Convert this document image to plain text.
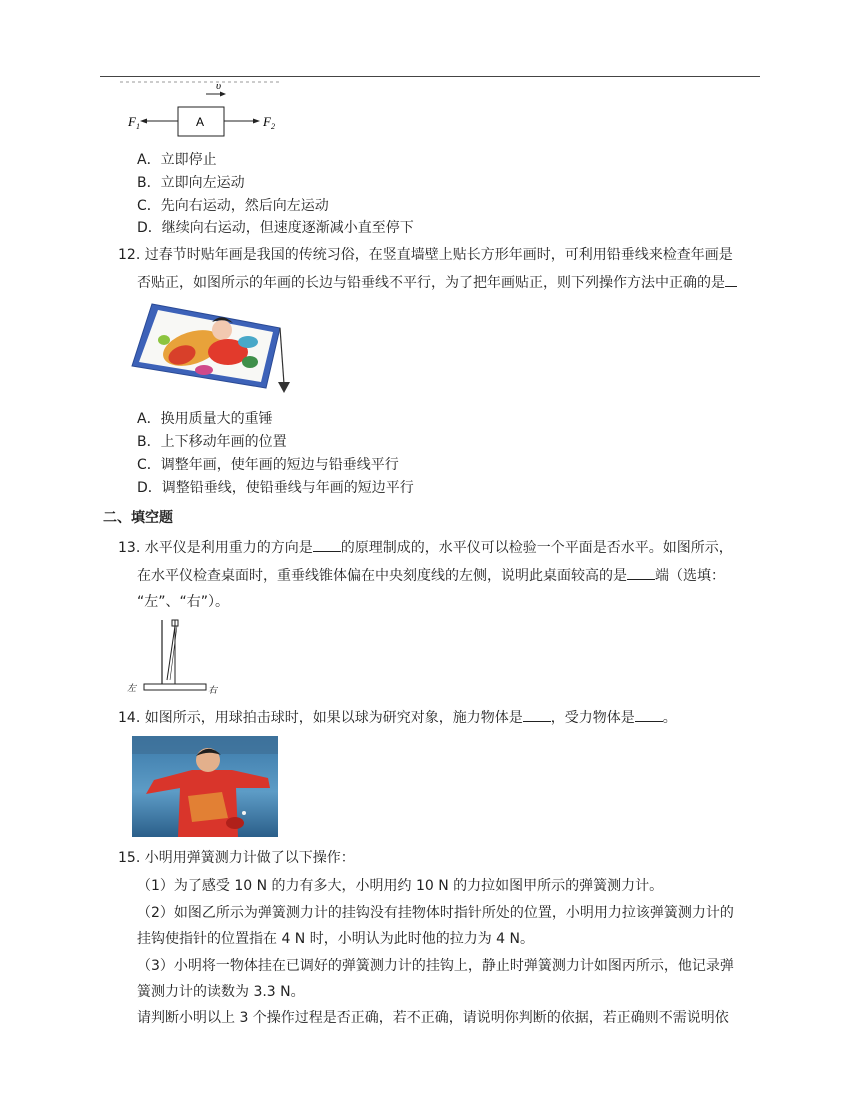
υ
A
$F_1$	$F_2$
A．立即停止
B．立即向左运动
C．先向右运动，然后向左运动
D．继续向右运动，但速度逐渐减小直至停下
12. 过春节时贴年画是我国的传统习俗，在竖直墙壁上贴长方形年画时，可利用铅垂线来检查年画是
否贴正，如图所示的年画的长边与铅垂线不平行，为了把年画贴正，则下列操作方法中正确的是
A．换用质量大的重锤
B．上下移动年画的位置
C．调整年画，使年画的短边与铅垂线平行
D．调整铅垂线，使铅垂线与年画的短边平行
二、填空题
13. 水平仪是利用重力的方向是 的原理制成的，水平仪可以检验一个平面是否水平。如图所示，
在水平仪检查桌面时，重垂线锥体偏在中央刻度线的左侧，说明此桌面较高的是 端（选填：
“左”、“右”）。
左	右
14. 如图所示，用球拍击球时，如果以球为研究对象，施力物体是 ，受力物体是 。
15. 小明用弹簧测力计做了以下操作：
（1）为了感受 10 N 的力有多大，小明用约 10 N 的力拉如图甲所示的弹簧测力计。
（2）如图乙所示为弹簧测力计的挂钩没有挂物体时指针所处的位置，小明用力拉该弹簧测力计的
挂钩使指针的位置指在 4 N 时，小明认为此时他的拉力为 4 N。
（3）小明将一物体挂在已调好的弹簧测力计的挂钩上，静止时弹簧测力计如图丙所示，他记录弹
簧测力计的读数为 3.3 N。
请判断小明以上 3 个操作过程是否正确，若不正确，请说明你判断的依据，若正确则不需说明依
